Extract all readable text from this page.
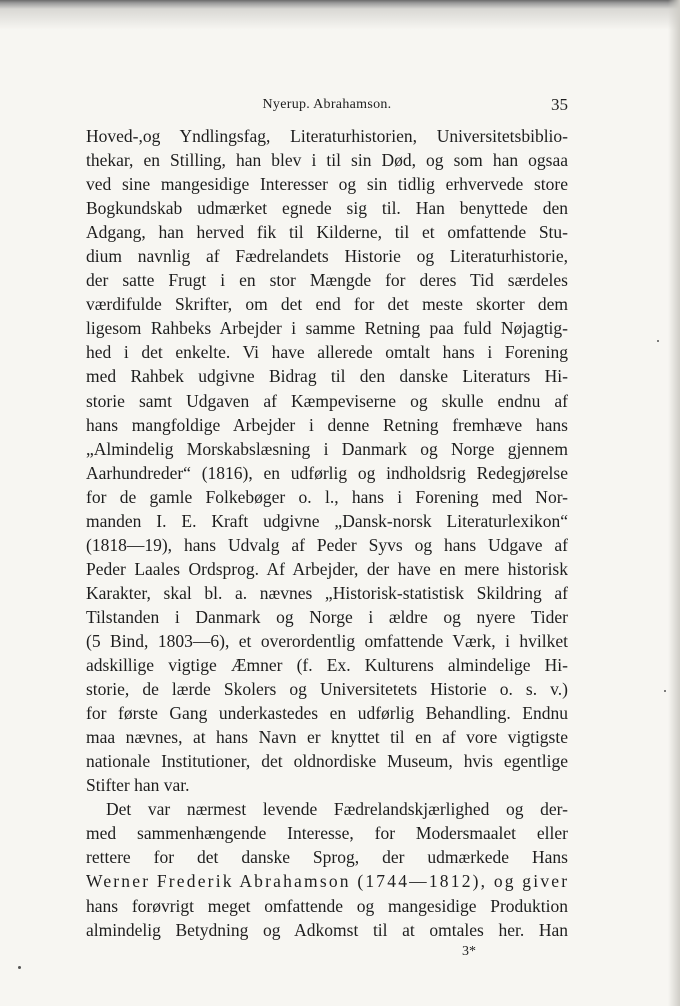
Nyerup. Abrahamson.	35
Hoved-,og Yndlingsfag, Literaturhistorien, Universitetsbiblio-
thekar, en Stilling, han blev i til sin Død, og som han ogsaa
ved sine mangesidige Interesser og sin tidlig erhvervede store
Bogkundskab udmærket egnede sig til. Han benyttede den
Adgang, han herved fik til Kilderne, til et omfattende Stu-
dium navnlig af Fædrelandets Historie og Literaturhistorie,
der satte Frugt i en stor Mængde for deres Tid særdeles
værdifulde Skrifter, om det end for det meste skorter dem
ligesom Rahbeks Arbejder i samme Retning paa fuld Nøjagtig-
hed i det enkelte. Vi have allerede omtalt hans i Forening
med Rahbek udgivne Bidrag til den danske Literaturs Hi-
storie samt Udgaven af Kæmpeviserne og skulle endnu af
hans mangfoldige Arbejder i denne Retning fremhæve hans
„Almindelig Morskabslæsning i Danmark og Norge gjennem
Aarhundreder“ (1816), en udførlig og indholdsrig Redegjørelse
for de gamle Folkebøger o. l., hans i Forening med Nor-
manden I. E. Kraft udgivne „Dansk-norsk Literaturlexikon“
(1818—19), hans Udvalg af Peder Syvs og hans Udgave af
Peder Laales Ordsprog. Af Arbejder, der have en mere historisk
Karakter, skal bl. a. nævnes „Historisk-statistisk Skildring af
Tilstanden i Danmark og Norge i ældre og nyere Tider
(5 Bind, 1803—6), et overordentlig omfattende Værk, i hvilket
adskillige vigtige Æmner (f. Ex. Kulturens almindelige Hi-
storie, de lærde Skolers og Universitetets Historie o. s. v.)
for første Gang underkastedes en udførlig Behandling. Endnu
maa nævnes, at hans Navn er knyttet til en af vore vigtigste
nationale Institutioner, det oldnordiske Museum, hvis egentlige
Stifter han var.
Det var nærmest levende Fædrelandskjærlighed og der-
med sammenhængende Interesse, for Modersmaalet eller
rettere for det danske Sprog, der udmærkede Hans
Werner Frederik Abrahamson (1744—1812), og giver
hans forøvrigt meget omfattende og mangesidige Produktion
almindelig Betydning og Adkomst til at omtales her. Han
3*
